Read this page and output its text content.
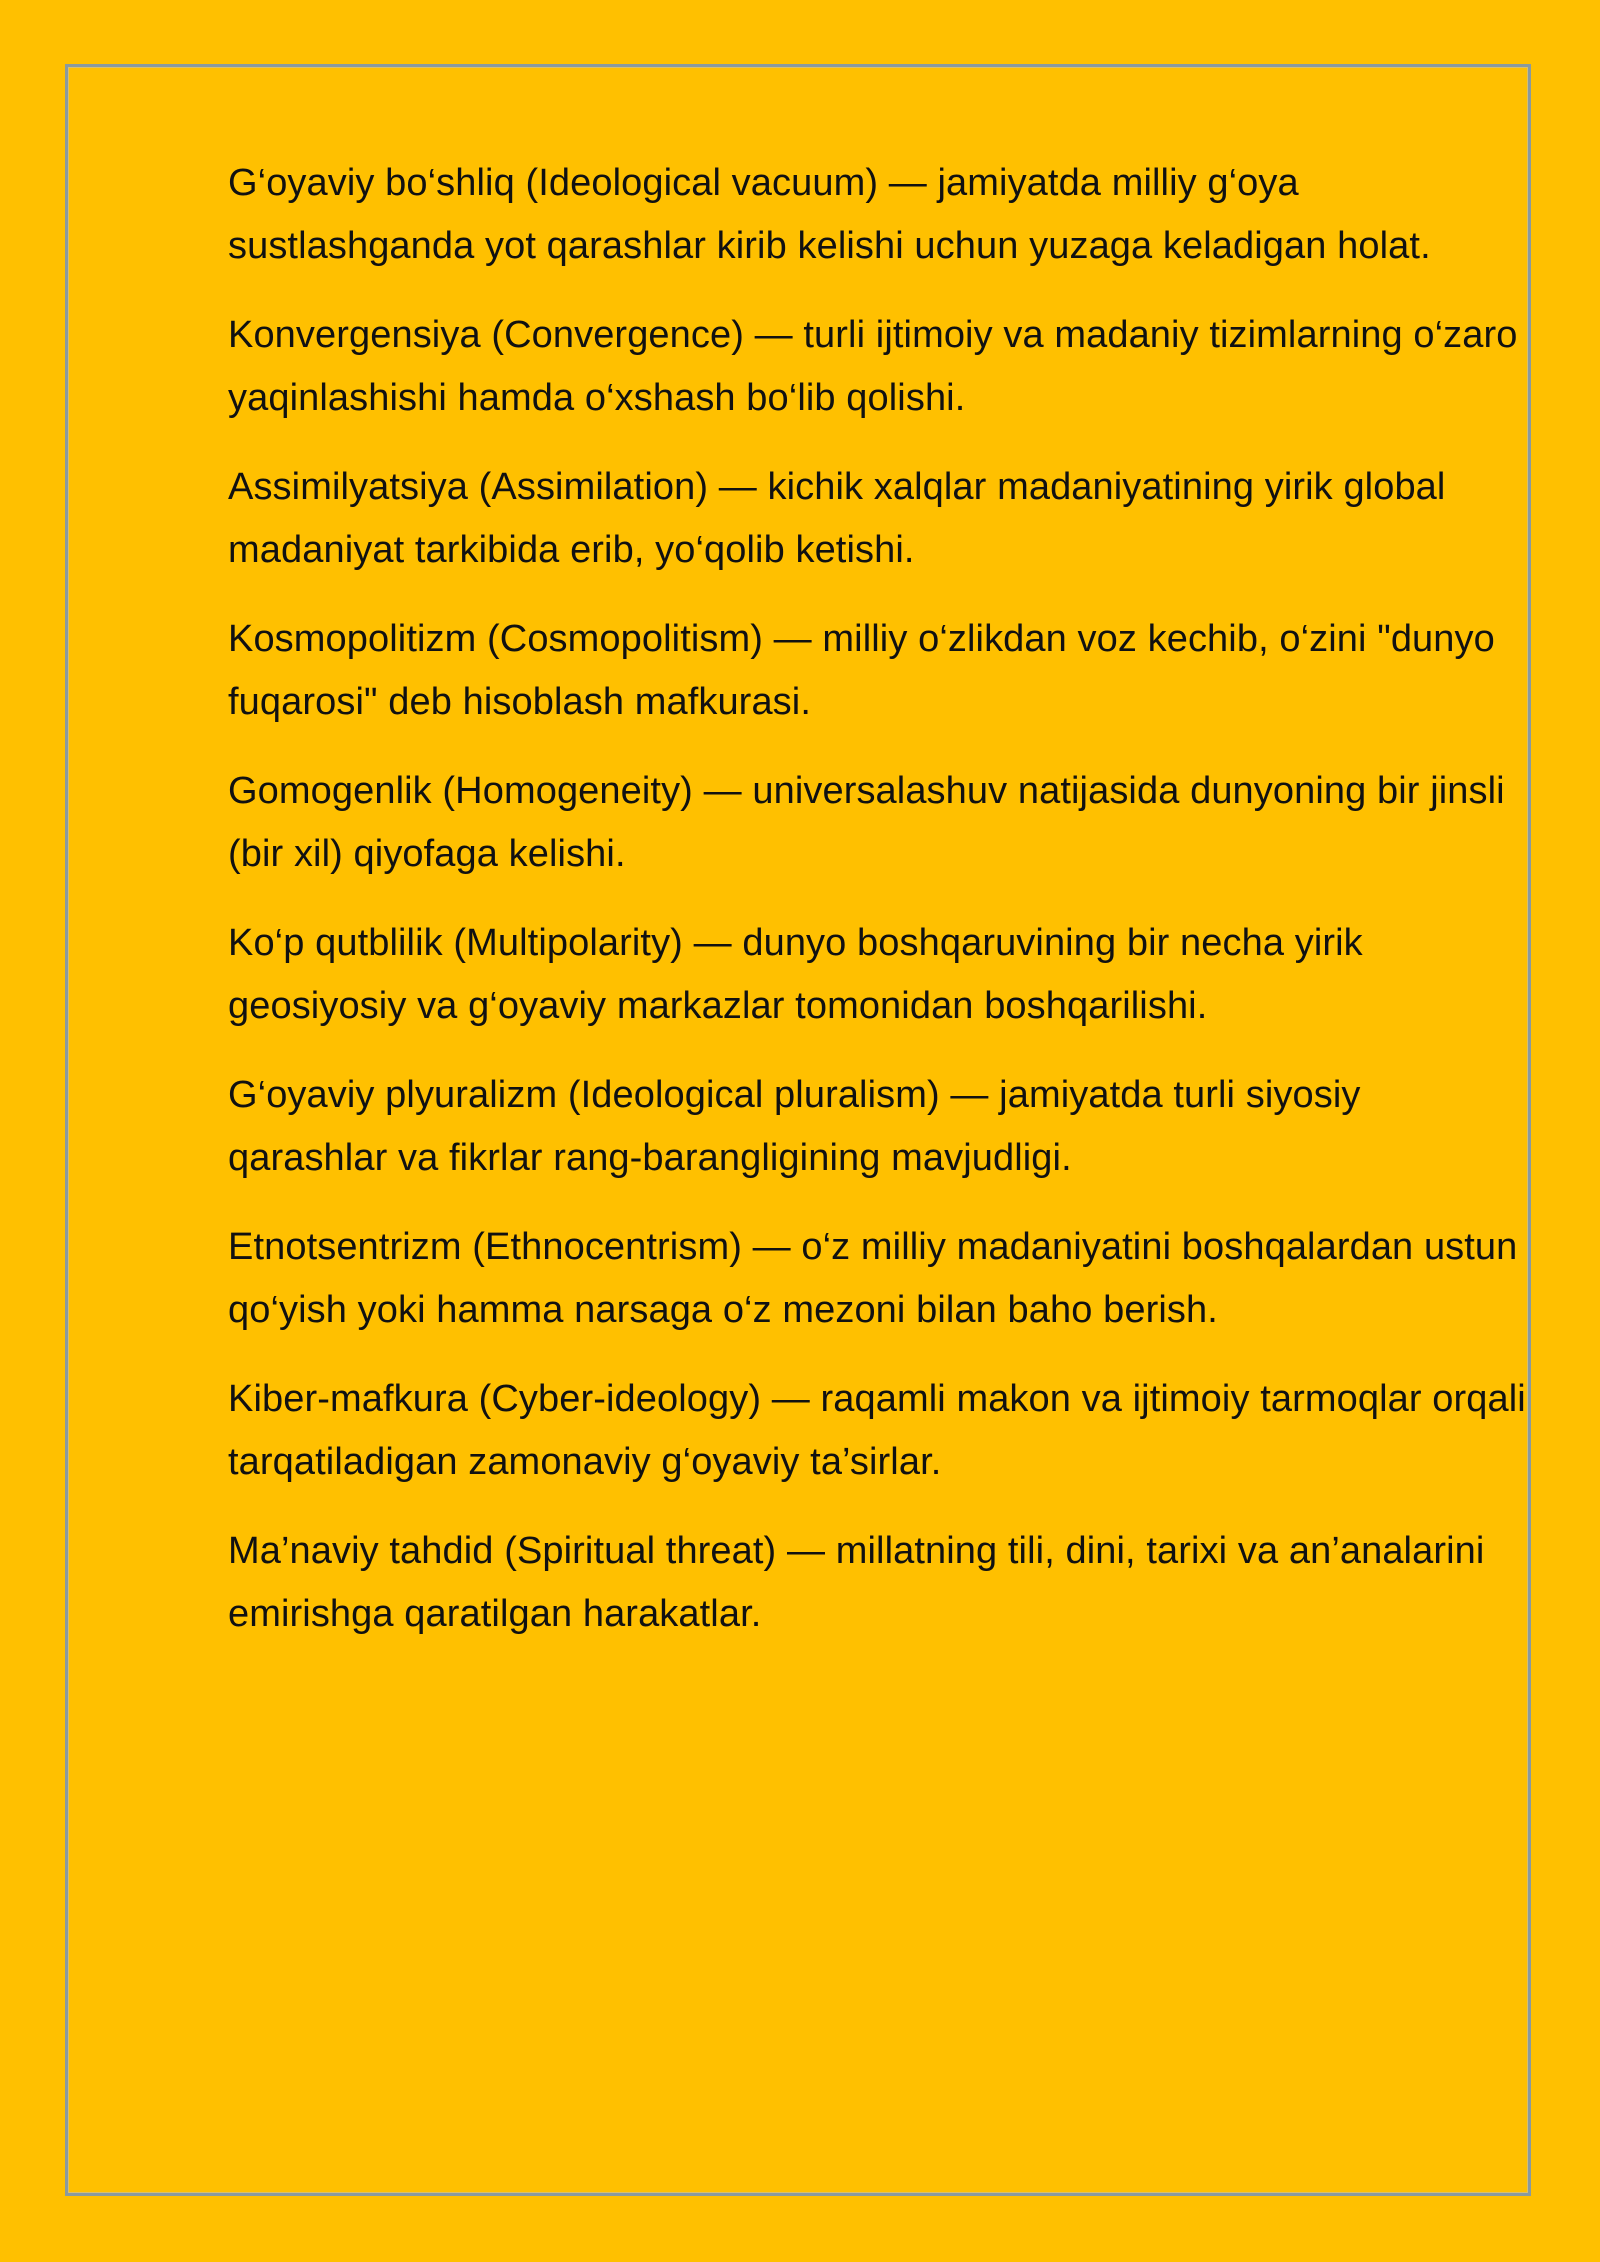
G‘oyaviy bo‘shliq (Ideological vacuum) — jamiyatda milliy g‘oya sustlashganda yot qarashlar kirib kelishi uchun yuzaga keladigan holat.

Konvergensiya (Convergence) — turli ijtimoiy va madaniy tizimlarning o‘zaro yaqinlashishi hamda o‘xshash bo‘lib qolishi.

Assimilyatsiya (Assimilation) — kichik xalqlar madaniyatining yirik global madaniyat tarkibida erib, yo‘qolib ketishi.

Kosmopolitizm (Cosmopolitism) — milliy o‘zlikdan voz kechib, o‘zini "dunyo fuqarosi" deb hisoblash mafkurasi.

Gomogenlik (Homogeneity) — universalashuv natijasida dunyoning bir jinsli (bir xil) qiyofaga kelishi.

Ko‘p qutblilik (Multipolarity) — dunyo boshqaruvining bir necha yirik geosiyosiy va g‘oyaviy markazlar tomonidan boshqarilishi.

G‘oyaviy plyuralizm (Ideological pluralism) — jamiyatda turli siyosiy qarashlar va fikrlar rang-barangligining mavjudligi.

Etnotsentrizm (Ethnocentrism) — o‘z milliy madaniyatini boshqalardan ustun qo‘yish yoki hamma narsaga o‘z mezoni bilan baho berish.

Kiber-mafkura (Cyber-ideology) — raqamli makon va ijtimoiy tarmoqlar orqali tarqatiladigan zamonaviy g‘oyaviy ta’sirlar.

Ma’naviy tahdid (Spiritual threat) — millatning tili, dini, tarixi va an’analarini emirishga qaratilgan harakatlar.
